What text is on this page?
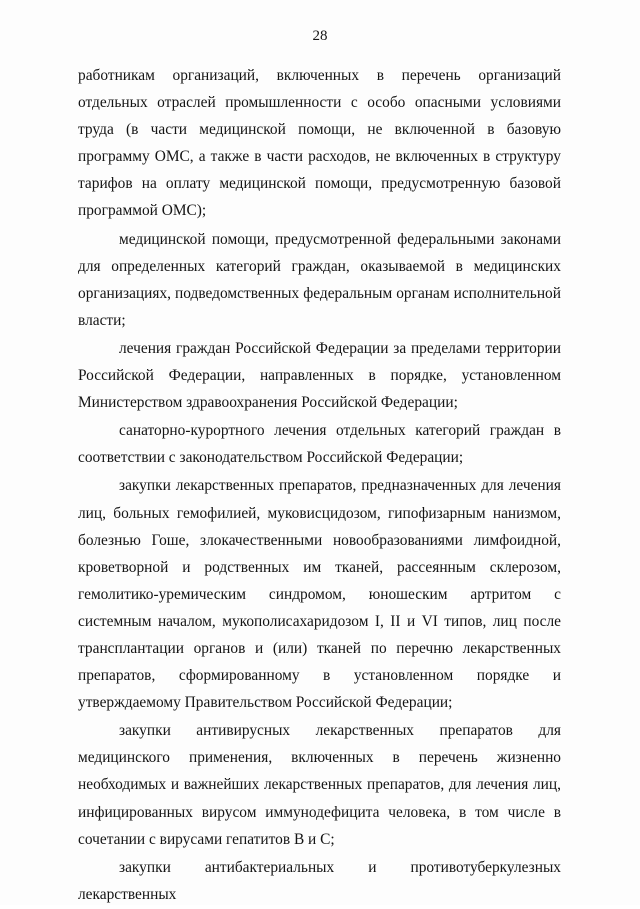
28

работникам организаций, включенных в перечень организаций отдельных отраслей промышленности с особо опасными условиями труда (в части медицинской помощи, не включенной в базовую программу ОМС, а также в части расходов, не включенных в структуру тарифов на оплату медицинской помощи, предусмотренную базовой программой ОМС);

медицинской помощи, предусмотренной федеральными законами для определенных категорий граждан, оказываемой в медицинских организациях, подведомственных федеральным органам исполнительной власти;

лечения граждан Российской Федерации за пределами территории Российской Федерации, направленных в порядке, установленном Министерством здравоохранения Российской Федерации;

санаторно-курортного лечения отдельных категорий граждан в соответствии с законодательством Российской Федерации;

закупки лекарственных препаратов, предназначенных для лечения лиц, больных гемофилией, муковисцидозом, гипофизарным нанизмом, болезнью Гоше, злокачественными новообразованиями лимфоидной, кроветворной и родственных им тканей, рассеянным склерозом, гемолитико-уремическим синдромом, юношеским артритом с системным началом, мукополисахаридозом I, II и VI типов, лиц после трансплантации органов и (или) тканей по перечню лекарственных препаратов, сформированному в установленном порядке и утверждаемому Правительством Российской Федерации;

закупки антивирусных лекарственных препаратов для медицинского применения, включенных в перечень жизненно необходимых и важнейших лекарственных препаратов, для лечения лиц, инфицированных вирусом иммунодефицита человека, в том числе в сочетании с вирусами гепатитов B и C;

закупки антибактериальных и противотуберкулезных лекарственных
